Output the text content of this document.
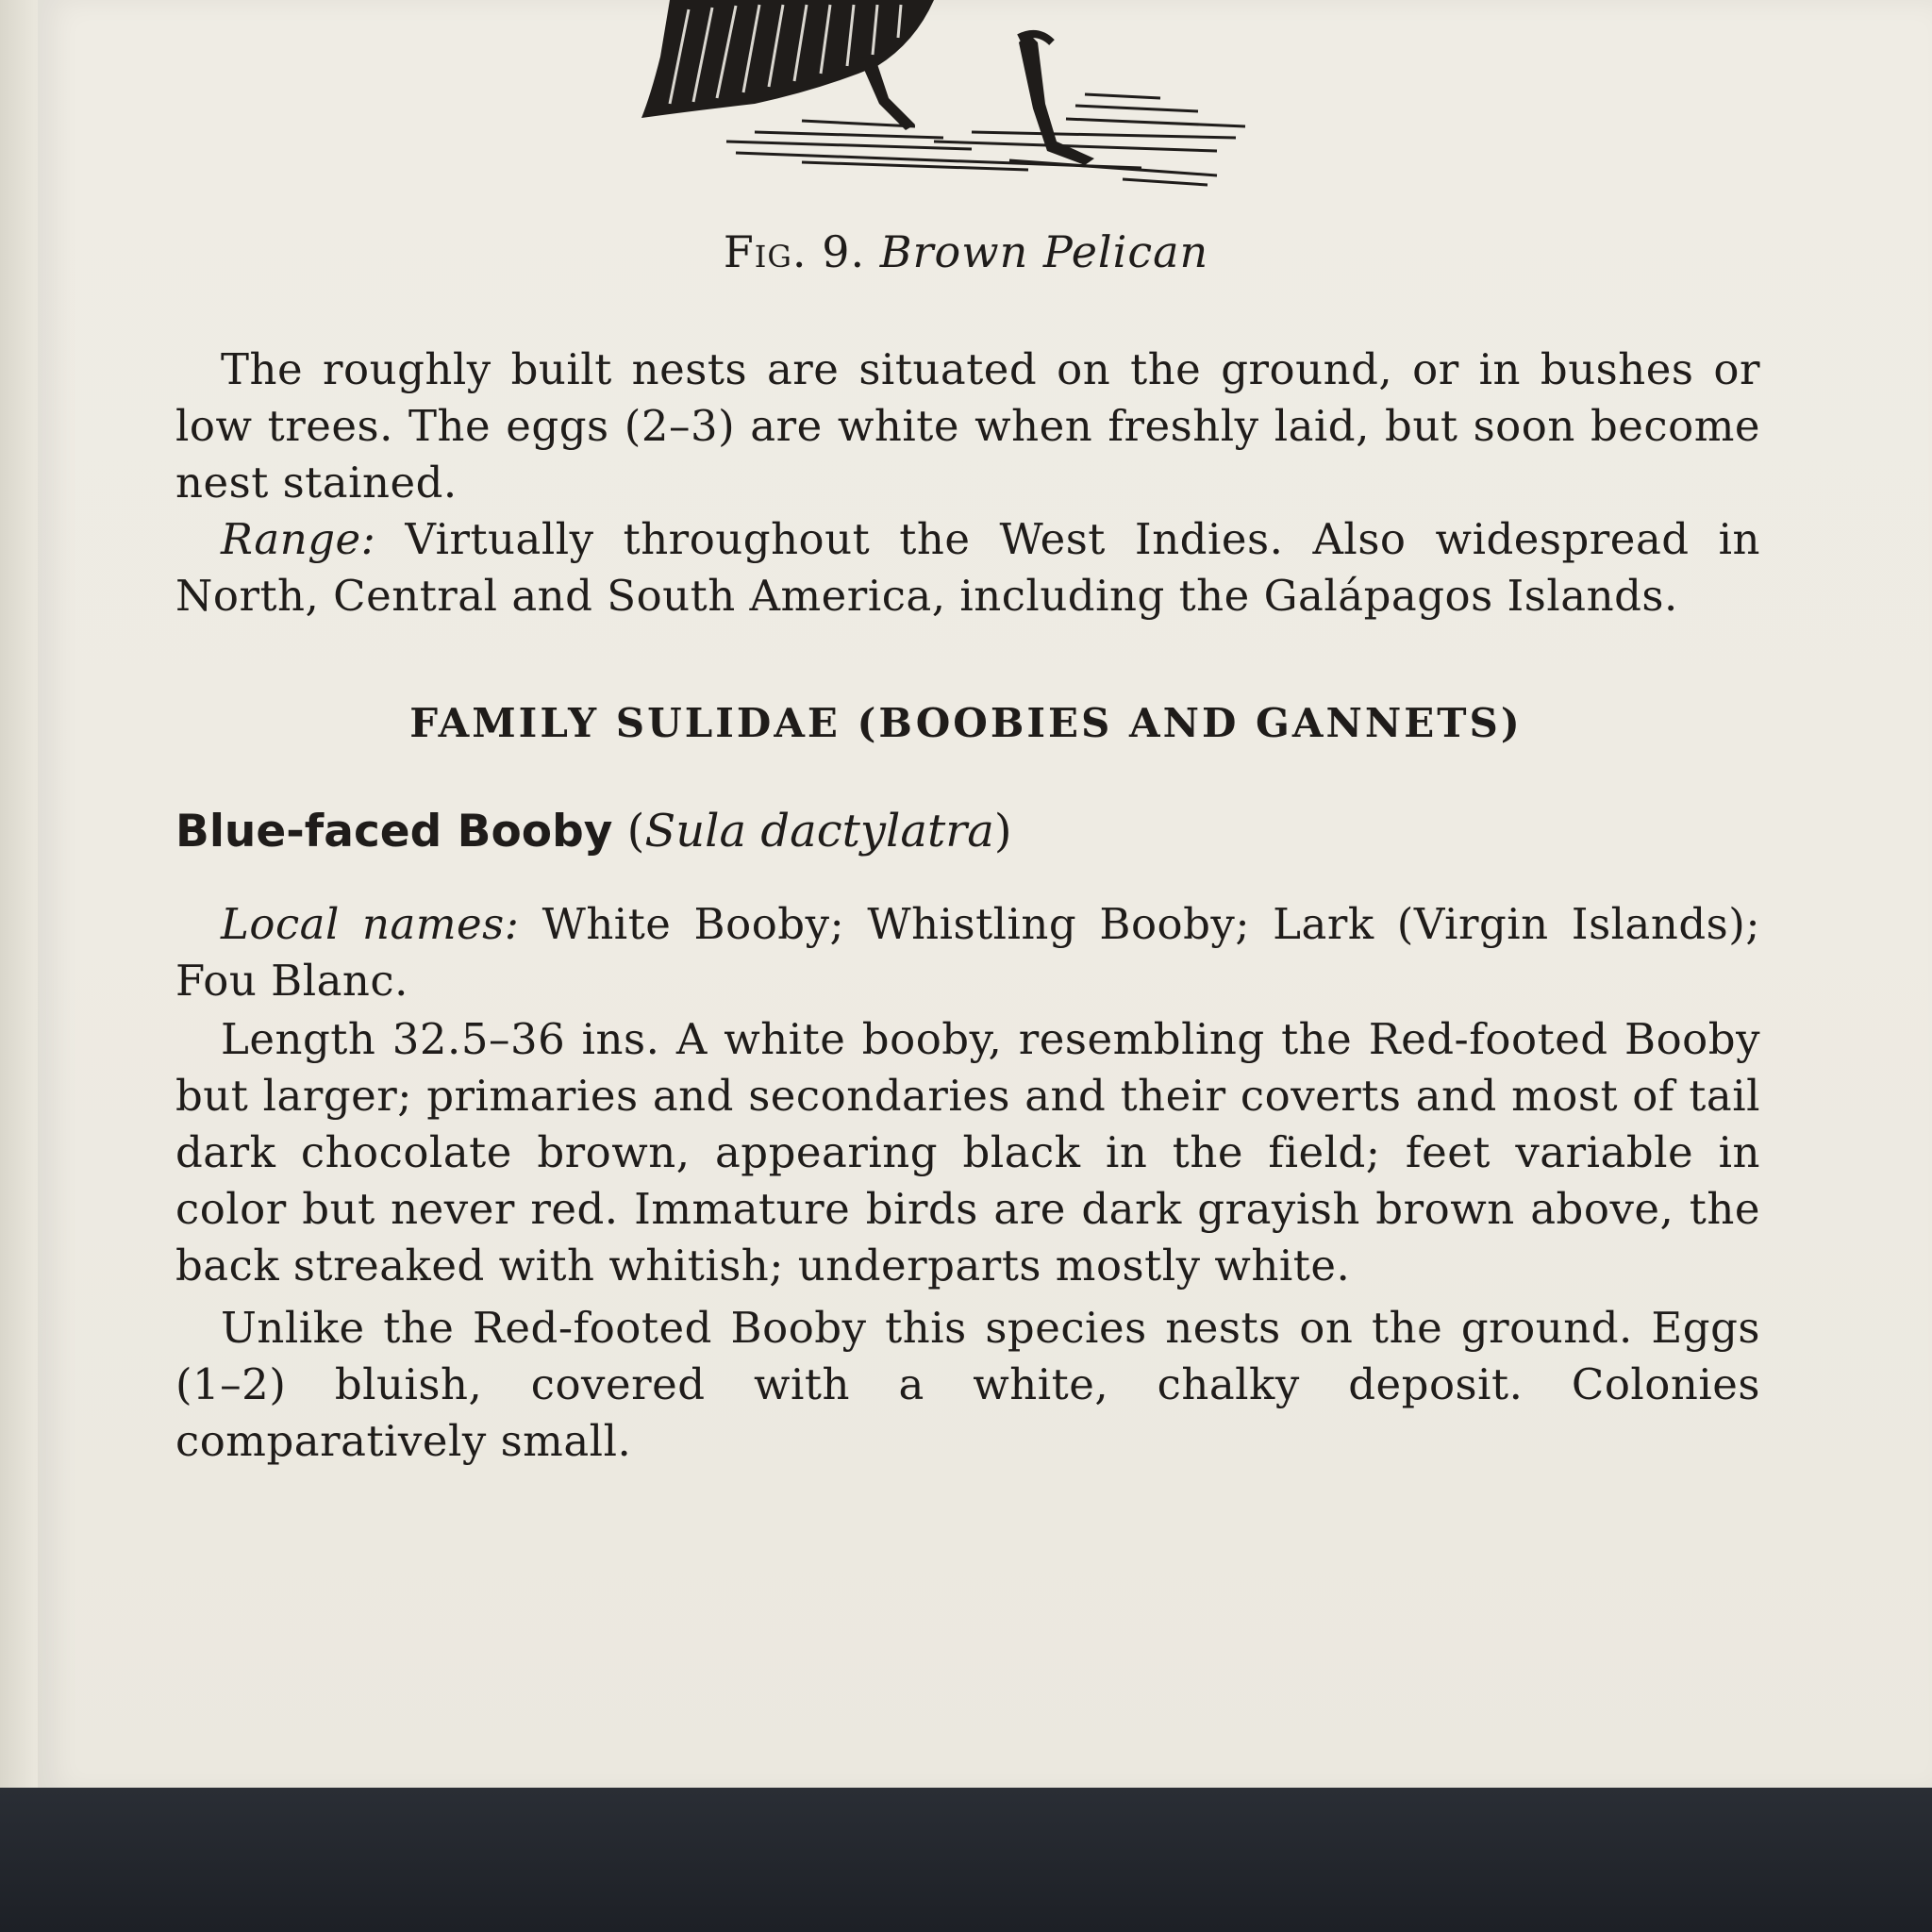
Fig. 9. Brown Pelican

The roughly built nests are situated on the ground, or in bushes or low trees. The eggs (2–3) are white when freshly laid, but soon become nest stained.

Range: Virtually throughout the West Indies. Also widespread in North, Central and South America, including the Galápagos Islands.

FAMILY SULIDAE (BOOBIES AND GANNETS)

Blue-faced Booby (Sula dactylatra)

Local names: White Booby; Whistling Booby; Lark (Virgin Islands); Fou Blanc.

Length 32.5–36 ins. A white booby, resembling the Red-footed Booby but larger; primaries and secondaries and their coverts and most of tail dark chocolate brown, appearing black in the field; feet variable in color but never red. Immature birds are dark grayish brown above, the back streaked with whitish; underparts mostly white.

Unlike the Red-footed Booby this species nests on the ground. Eggs (1–2) bluish, covered with a white, chalky deposit. Colonies comparatively small.
